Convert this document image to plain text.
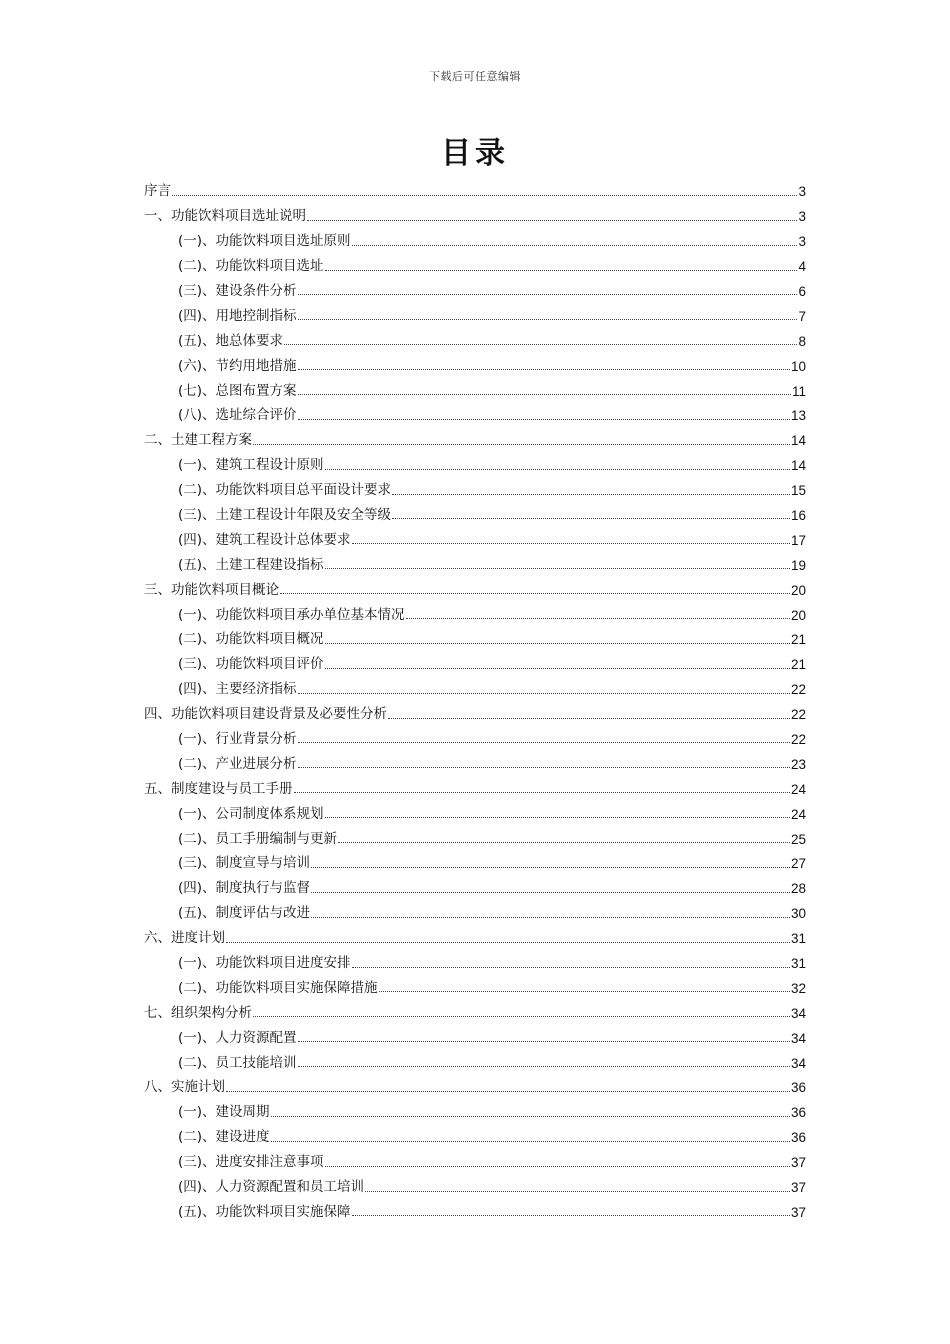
下载后可任意编辑
目录
序言	3
一、功能饮料项目选址说明	3
(一)、功能饮料项目选址原则	3
(二)、功能饮料项目选址	4
(三)、建设条件分析	6
(四)、用地控制指标	7
(五)、地总体要求	8
(六)、节约用地措施	10
(七)、总图布置方案	11
(八)、选址综合评价	13
二、土建工程方案	14
(一)、建筑工程设计原则	14
(二)、功能饮料项目总平面设计要求	15
(三)、土建工程设计年限及安全等级	16
(四)、建筑工程设计总体要求	17
(五)、土建工程建设指标	19
三、功能饮料项目概论	20
(一)、功能饮料项目承办单位基本情况	20
(二)、功能饮料项目概况	21
(三)、功能饮料项目评价	21
(四)、主要经济指标	22
四、功能饮料项目建设背景及必要性分析	22
(一)、行业背景分析	22
(二)、产业进展分析	23
五、制度建设与员工手册	24
(一)、公司制度体系规划	24
(二)、员工手册编制与更新	25
(三)、制度宣导与培训	27
(四)、制度执行与监督	28
(五)、制度评估与改进	30
六、进度计划	31
(一)、功能饮料项目进度安排	31
(二)、功能饮料项目实施保障措施	32
七、组织架构分析	34
(一)、人力资源配置	34
(二)、员工技能培训	34
八、实施计划	36
(一)、建设周期	36
(二)、建设进度	36
(三)、进度安排注意事项	37
(四)、人力资源配置和员工培训	37
(五)、功能饮料项目实施保障	37
